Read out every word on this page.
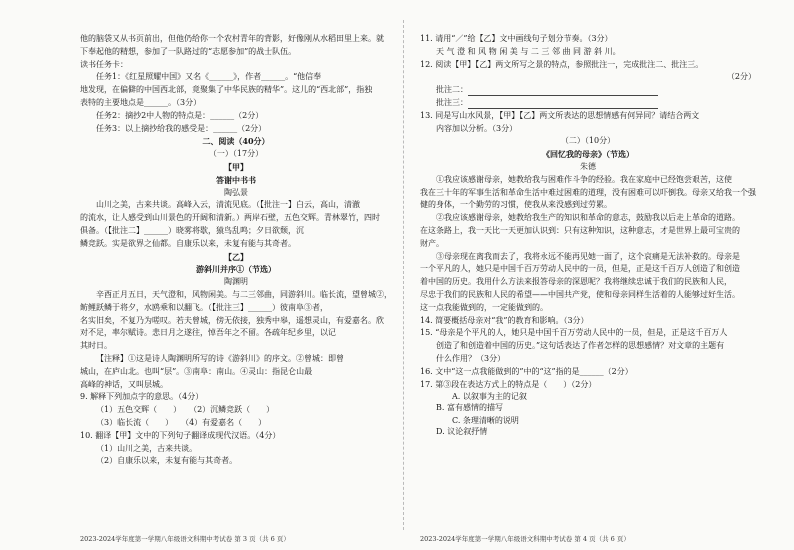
他的脑袋又从书页前出，但他仍给你一个农村青年的背影，好像刚从水稻田里上来。就

下奉起他的精想，参加了一队路过的“志愿参加”的战士队伍。

读书任务卡：

任务1：《红星照耀中国》又名《______》，作者______。“他信奉

地发现，在偏僻的中国西北部，竟聚集了中华民族的精华”。这儿的“西北部”，指独

表特的主要地点是______。（3分）

任务2：摘抄2中人物的特点是：______（2分）

任务3：以上摘抄给我的感受是：______（2分）

二、阅读（40分）

（一）（17分）

【甲】

答谢中书书

陶弘景

山川之美，古来共谈。高峰入云，清流见底。（【批注一】白云，高山，清澈

的流水，让人感受到山川景色的开阔和清新。）两岸石壁，五色交辉。青林翠竹，四时

俱备。（【批注二】______）晓雾将歇，猿鸟乱鸣；夕日欲颓，沉

鳞竞跃。实是欲界之仙都。自康乐以来，未复有能与其奇者。

【乙】

游斜川并序①（节选）

陶渊明

辛酉正月五日，天气澄和，风物闲美。与二三邻曲，同游斜川。临长流，望曾城②，

鲂鲤跃鳞于将夕，水鸥乘和以翻飞。（【批注三】______）彼南阜③者，

名实旧矣，不复乃为嗟叹。若夫曾城，傍无依接，独秀中皋，遥想灵山，有爱嘉名。欣

对不足，率尔赋诗。悲日月之遂往，悼吾年之不留。各疏年纪乡里，以记

其时日。

【注释】①这是诗人陶渊明所写的诗《游斜川》的序文。②曾城：即曾

城山，在庐山北。也叫“层”。③南阜：南山。④灵山：指昆仑山最

高峰的神话，又叫层城。

9. 解释下列加点字的意思。（4分）

（1）五色交辉（　　）　　（2）沉鳞竞跃（　　）

（3）临长流（　　）　　（4）有爱嘉名（　　）

10. 翻译【甲】文中的下列句子翻译成现代汉语。（4分）

（1）山川之美，古来共谈。

（2）自康乐以来，未复有能与其奇者。

11. 请用“／”给【乙】文中画线句子划分节奏。（3分）

天 气 澄 和 风 物 闲 美 与 二 三 邻 曲 同 游 斜 川。

12. 阅读【甲】【乙】两文所写之景的特点，参照批注一，完成批注二、批注三。

（2分）

批注二：

批注三：

13. 同是写山水风景，【甲】【乙】两文所表达的思想情感有何异同？请结合两文

内容加以分析。（3分）

（二）（10分）

《回忆我的母亲》（节选）

朱德

①我应该感谢母亲，她教给我与困难作斗争的经验。我在家庭中已经饱尝艰苦，这使

我在三十年的军事生活和革命生活中难过困难的道理，没有困难可以吓倒我。母亲又给我一个强

健的身体，一个勤劳的习惯，使我从来没感到过劳累。

②我应该感谢母亲，她教给我生产的知识和革命的意志，鼓励我以后走上革命的道路。

在这条路上，我一天比一天更加认识到：只有这种知识，这种意志，才是世界上最可宝贵的

财产。

③母亲现在离我而去了，我将永远不能再见她一面了，这个哀痛是无法补救的。母亲是

一个平凡的人，她只是中国千百万劳动人民中的一员，但是，正是这千百万人创造了和创造

着中国的历史。我用什么方法来报答母亲的深恩呢？我将继续忠诚于我们的民族和人民，

尽忠于我们的民族和人民的希望——中国共产党，使和母亲同样生活着的人能够过好生活。

这一点我能做到的，一定能做到的。

14. 简要概括母亲对“我”的教育和影响。（3分）

15. “母亲是个平凡的人，她只是中国千百万劳动人民中的一员，但是，正是这千百万人

创造了和创造着中国的历史。”这句话表达了作者怎样的思想感情？对文章的主题有

什么作用？（3分）

16. 文中“这一点我能做到的”中的“这”指的是______（2分）

17. 第③段在表达方式上的特点是（　　）（2分）

A. 以叙事为主的记叙B. 富有感情的描写

C. 条理清晰的说明D. 议论叙抒情

2023-2024学年度第一学期八年级语文科期中考试卷 第 3 页（共 6 页）	2023-2024学年度第一学期八年级语文科期中考试卷 第 4 页（共 6 页）
